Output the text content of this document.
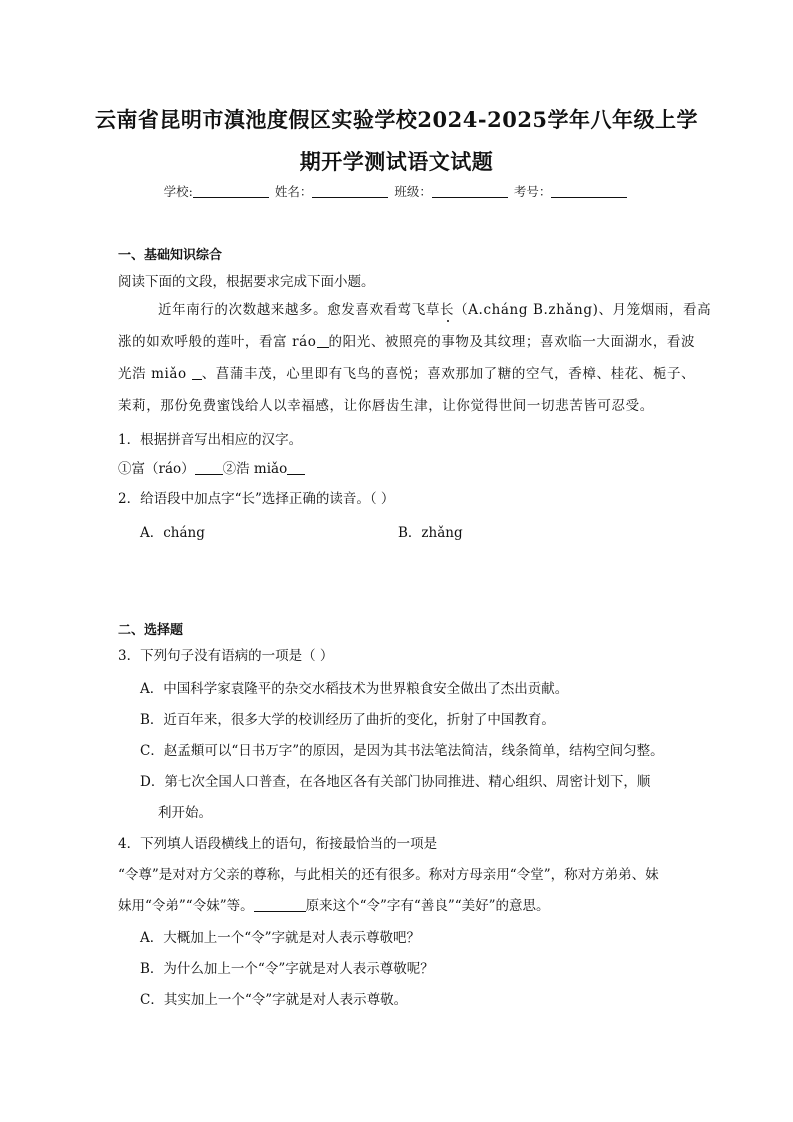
云南省昆明市滇池度假区实验学校2024-2025学年八年级上学
期开学测试语文试题
学校:	姓名：	班级：	考号：
一、基础知识综合
阅读下面的文段，根据要求完成下面小题。
近年南行的次数越来越多。愈发喜欢看莺飞草长（A.cháng B.zhǎng)、月笼烟雨，看高
涨的如欢呼般的莲叶，看富 ráo 的阳光、被照亮的事物及其纹理；喜欢临一大面湖水，看波
光浩 miǎo 、菖蒲丰茂，心里即有飞鸟的喜悦；喜欢那加了糖的空气，香樟、桂花、栀子、
茉莉，那份免费蜜饯给人以幸福感，让你唇齿生津，让你觉得世间一切悲苦皆可忍受。
1．根据拼音写出相应的汉字。
①富（ráo） ②浩 miǎo
2．给语段中加点字“长”选择正确的读音。（ ）
A．cháng	B．zhǎng
二、选择题
3．下列句子没有语病的一项是（ ）
A．中国科学家袁隆平的杂交水稻技术为世界粮食安全做出了杰出贡献。
B．近百年来，很多大学的校训经历了曲折的变化，折射了中国教育。
C．赵孟頫可以“日书万字”的原因，是因为其书法笔法简洁，线条简单，结构空间匀整。
D．第七次全国人口普查，在各地区各有关部门协同推进、精心组织、周密计划下，顺
利开始。
4．下列填人语段横线上的语句，衔接最恰当的一项是
“令尊”是对对方父亲的尊称，与此相关的还有很多。称对方母亲用“令堂”，称对方弟弟、妹
妹用“令弟”“令妹”等。	原来这个“令”字有“善良”“美好”的意思。
A．大概加上一个“令”字就是对人表示尊敬吧？
B．为什么加上一个“令”字就是对人表示尊敬呢？
C．其实加上一个“令”字就是对人表示尊敬。
